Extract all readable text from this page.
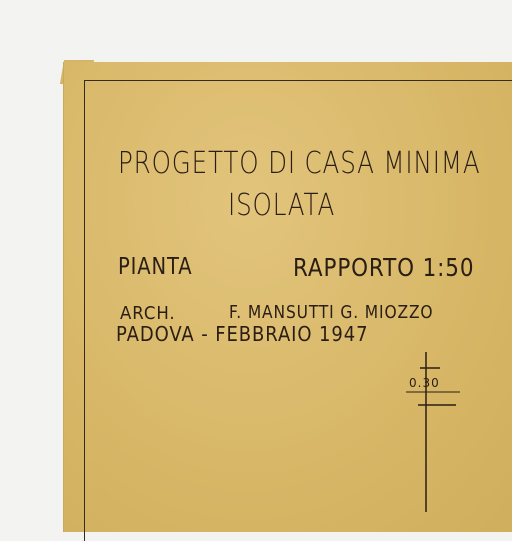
PROGETTO DI CASA MINIMA
ISOLATA
PIANTA	RAPPORTO 1:50
ARCH.	F. MANSUTTI G. MIOZZO
PADOVA - FEBBRAIO 1947
0.30
